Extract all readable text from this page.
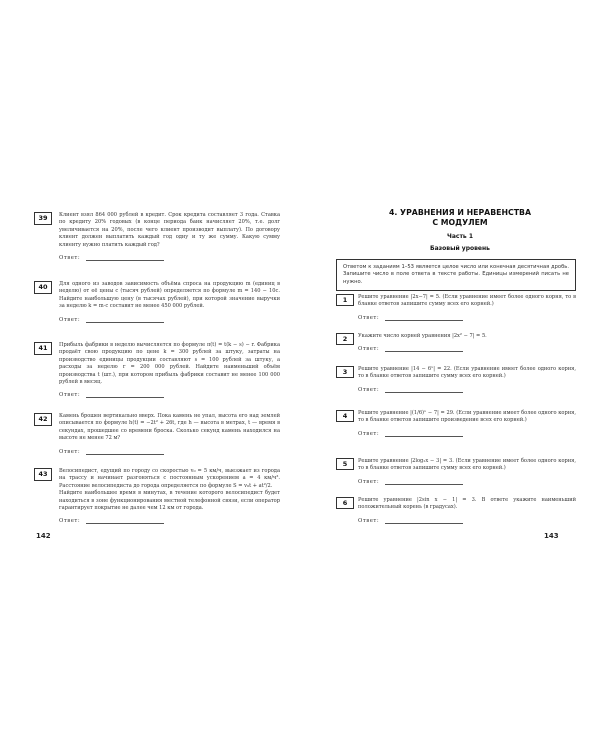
39	Клиент взял 864 000 рублей в кредит. Срок кредита составляет 3 года. Ставка по кредиту 20% годовых (в конце периода банк начисляет 20%, т.е. долг увеличивается на 20%, после чего клиент производит выплату). По договору клиент должен выплатить каждый год одну и ту же сумму. Какую сумму клиенту нужно платить каждый год?
Ответ:
40	Для одного из заводов зависимость объёма спроса на продукцию m (единиц в неделю) от её цены c (тысяч рублей) определяется по формуле m = 140 − 10c. Найдите наибольшую цену (в тысячах рублей), при которой значение выручки за неделю k = m·c составит не менее 450 000 рублей.
Ответ:
41	Прибыль фабрики в неделю вычисляется по формуле π(t) = t(k − s) − r. Фабрика продаёт свою продукцию по цене k = 300 рублей за штуку, затраты на производство единицы продукции составляют s = 100 рублей за штуку, а расходы за неделю r = 200 000 рублей. Найдите наименьший объём производства t (шт.), при котором прибыль фабрики составит не менее 100 000 рублей в месяц.
Ответ:
42	Камень брошен вертикально вверх. Пока камень не упал, высота его над землей описывается по формуле h(t) = −2t² + 26t, где h — высота в метрах, t — время в секундах, прошедшее со времени броска. Сколько секунд камень находился на высоте не менее 72 м?
Ответ:
43	Велосипедист, едущий по городу со скоростью v₀ = 5 км/ч, выезжает из города на трассу и начинает разгоняться с постоянным ускорением a = 4 км/ч². Расстояние велосипедиста до города определяется по формуле S = v₀t + at²/2.
Найдите наибольшее время в минутах, в течение которого велосипедист будет находиться в зоне функционирования местной телефонной связи, если оператор гарантирует покрытие не далее чем 12 км от города.
Ответ:
142
4. УРАВНЕНИЯ И НЕРАВЕНСТВА
С МОДУЛЕМ
Часть 1
Базовый уровень
Ответом к заданиям 1–53 является целое число или конечная десятичная дробь. Запишите число в поле ответа в тексте работы. Единицы измерений писать не нужно.
1	Решите уравнение |2x−7| = 5. (Если уравнение имеет более одного корня, то в бланке ответов запишите сумму всех его корней.)
Ответ:
2	Укажите число корней уравнения |2x² − 7| = 5.
Ответ:
3	Решите уравнение |14 − 6ˣ| = 22. (Если уравнение имеет более одного корня, то в бланке ответов запишите сумму всех его корней.)
Ответ:
4	Решите уравнение |(1/6)ˣ − 7| = 29. (Если уравнение имеет более одного корня, то в бланке ответов запишите произведение всех его корней.)
Ответ:
5	Решите уравнение |2log₂x − 3| = 3. (Если уравнение имеет более одного корня, то в бланке ответов запишите сумму всех его корней.)
Ответ:
6	Решите уравнение |2sin x − 1| = 3. В ответе укажите наименьший положительный корень (в градусах).
Ответ:
143
